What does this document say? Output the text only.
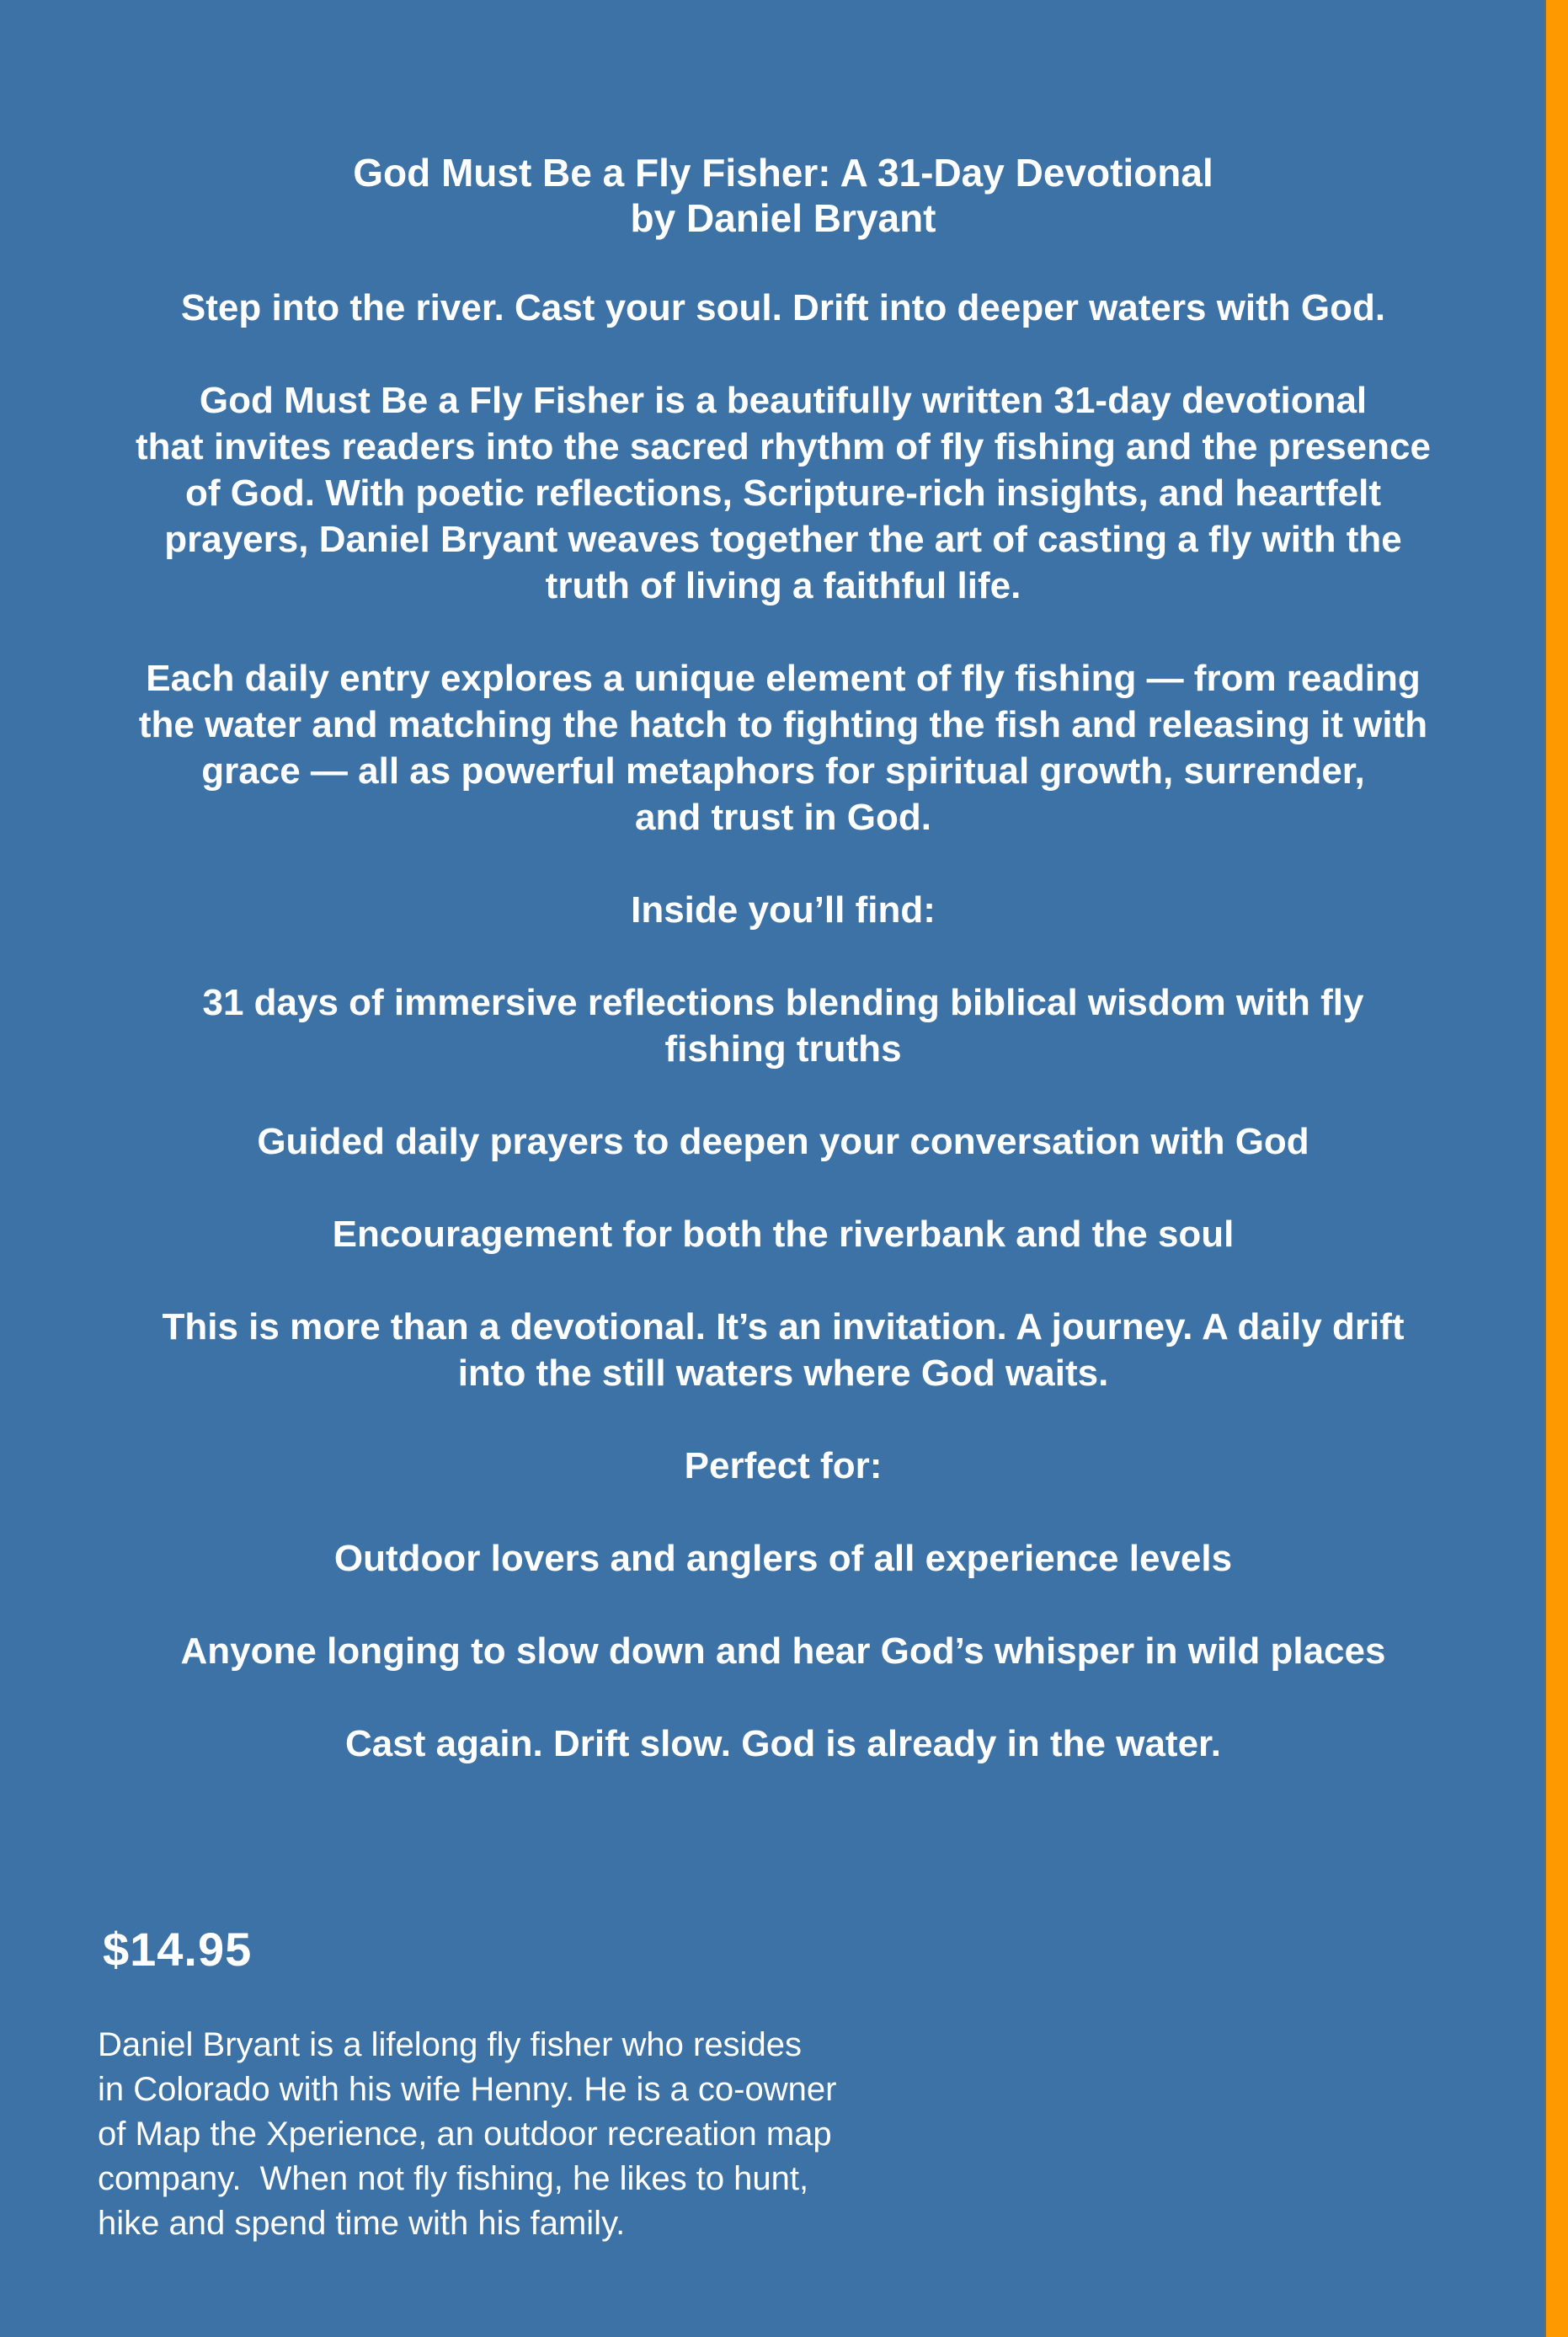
God Must Be a Fly Fisher: A 31-Day Devotional

by Daniel Bryant

Step into the river. Cast your soul. Drift into deeper waters with God.

God Must Be a Fly Fisher is a beautifully written 31-day devotional

that invites readers into the sacred rhythm of fly fishing and the presence

of God. With poetic reflections, Scripture-rich insights, and heartfelt

prayers, Daniel Bryant weaves together the art of casting a fly with the

truth of living a faithful life.

Each daily entry explores a unique element of fly fishing — from reading

the water and matching the hatch to fighting the fish and releasing it with

grace — all as powerful metaphors for spiritual growth, surrender,

and trust in God.

Inside you’ll find:

31 days of immersive reflections blending biblical wisdom with fly

fishing truths

Guided daily prayers to deepen your conversation with God

Encouragement for both the riverbank and the soul

This is more than a devotional. It’s an invitation. A journey. A daily drift

into the still waters where God waits.

Perfect for:

Outdoor lovers and anglers of all experience levels

Anyone longing to slow down and hear God’s whisper in wild places

Cast again. Drift slow. God is already in the water.

$14.95

Daniel Bryant is a lifelong fly fisher who resides

in Colorado with his wife Henny. He is a co-owner

of Map the Xperience, an outdoor recreation map

company.  When not fly fishing, he likes to hunt,

hike and spend time with his family.
